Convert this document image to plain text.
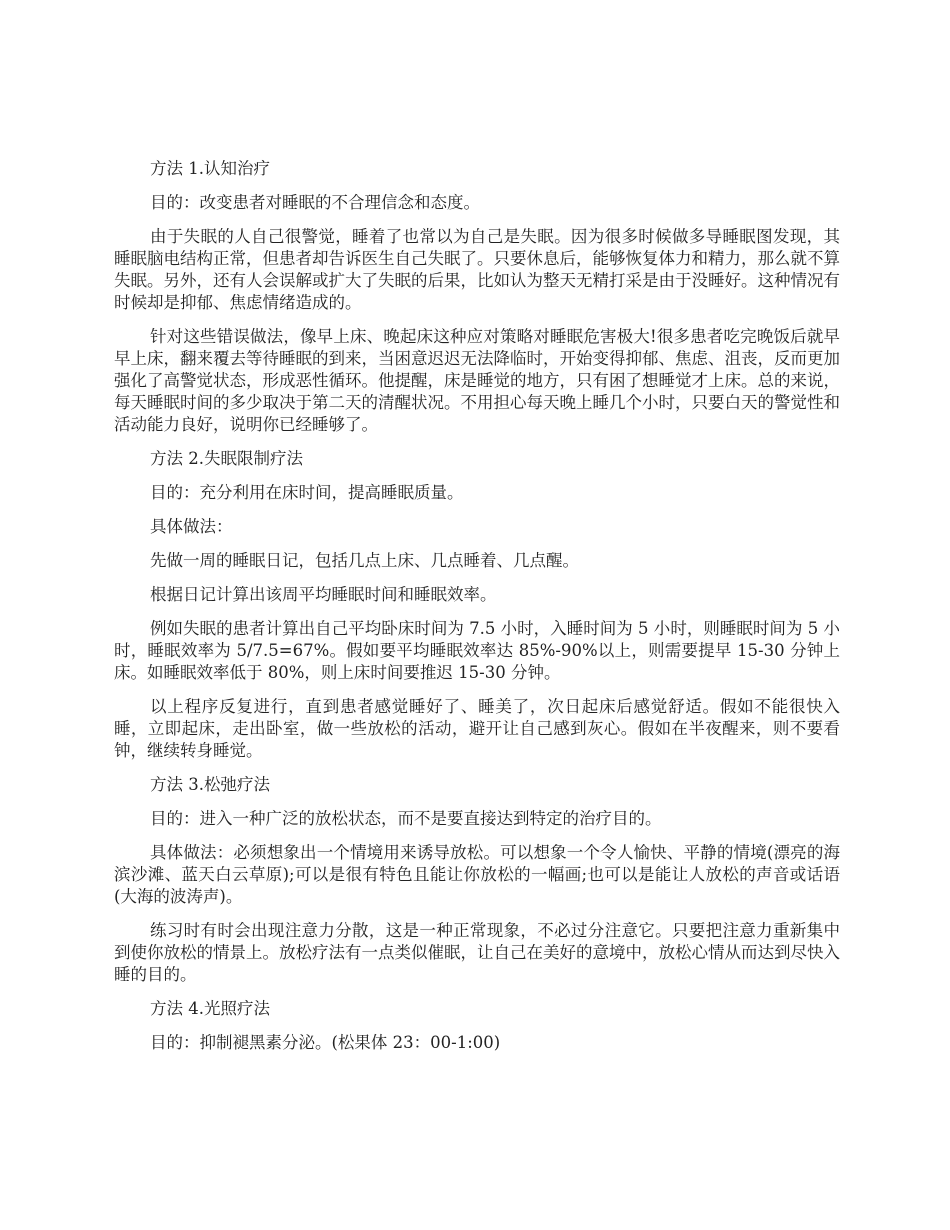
方法 1.认知治疗

目的：改变患者对睡眠的不合理信念和态度。

由于失眠的人自己很警觉，睡着了也常以为自己是失眠。因为很多时候做多导睡眠图发现，其睡眠脑电结构正常，但患者却告诉医生自己失眠了。只要休息后，能够恢复体力和精力，那么就不算失眠。另外，还有人会误解或扩大了失眠的后果，比如认为整天无精打采是由于没睡好。这种情况有时候却是抑郁、焦虑情绪造成的。

针对这些错误做法，像早上床、晚起床这种应对策略对睡眠危害极大!很多患者吃完晚饭后就早早上床，翻来覆去等待睡眠的到来，当困意迟迟无法降临时，开始变得抑郁、焦虑、沮丧，反而更加强化了高警觉状态，形成恶性循环。他提醒，床是睡觉的地方，只有困了想睡觉才上床。总的来说，每天睡眠时间的多少取决于第二天的清醒状况。不用担心每天晚上睡几个小时，只要白天的警觉性和活动能力良好，说明你已经睡够了。

方法 2.失眠限制疗法

目的：充分利用在床时间，提高睡眠质量。

具体做法：

先做一周的睡眠日记，包括几点上床、几点睡着、几点醒。

根据日记计算出该周平均睡眠时间和睡眠效率。

例如失眠的患者计算出自己平均卧床时间为 7.5 小时，入睡时间为 5 小时，则睡眠时间为 5 小时，睡眠效率为 5/7.5=67%。假如要平均睡眠效率达 85%-90%以上，则需要提早 15-30 分钟上床。如睡眠效率低于 80%，则上床时间要推迟 15-30 分钟。

以上程序反复进行，直到患者感觉睡好了、睡美了，次日起床后感觉舒适。假如不能很快入睡，立即起床，走出卧室，做一些放松的活动，避开让自己感到灰心。假如在半夜醒来，则不要看钟，继续转身睡觉。

方法 3.松弛疗法

目的：进入一种广泛的放松状态，而不是要直接达到特定的治疗目的。

具体做法：必须想象出一个情境用来诱导放松。可以想象一个令人愉快、平静的情境(漂亮的海滨沙滩、蓝天白云草原);可以是很有特色且能让你放松的一幅画;也可以是能让人放松的声音或话语(大海的波涛声)。

练习时有时会出现注意力分散，这是一种正常现象，不必过分注意它。只要把注意力重新集中到使你放松的情景上。放松疗法有一点类似催眠，让自己在美好的意境中，放松心情从而达到尽快入睡的目的。

方法 4.光照疗法

目的：抑制褪黑素分泌。(松果体 23：00-1:00)
